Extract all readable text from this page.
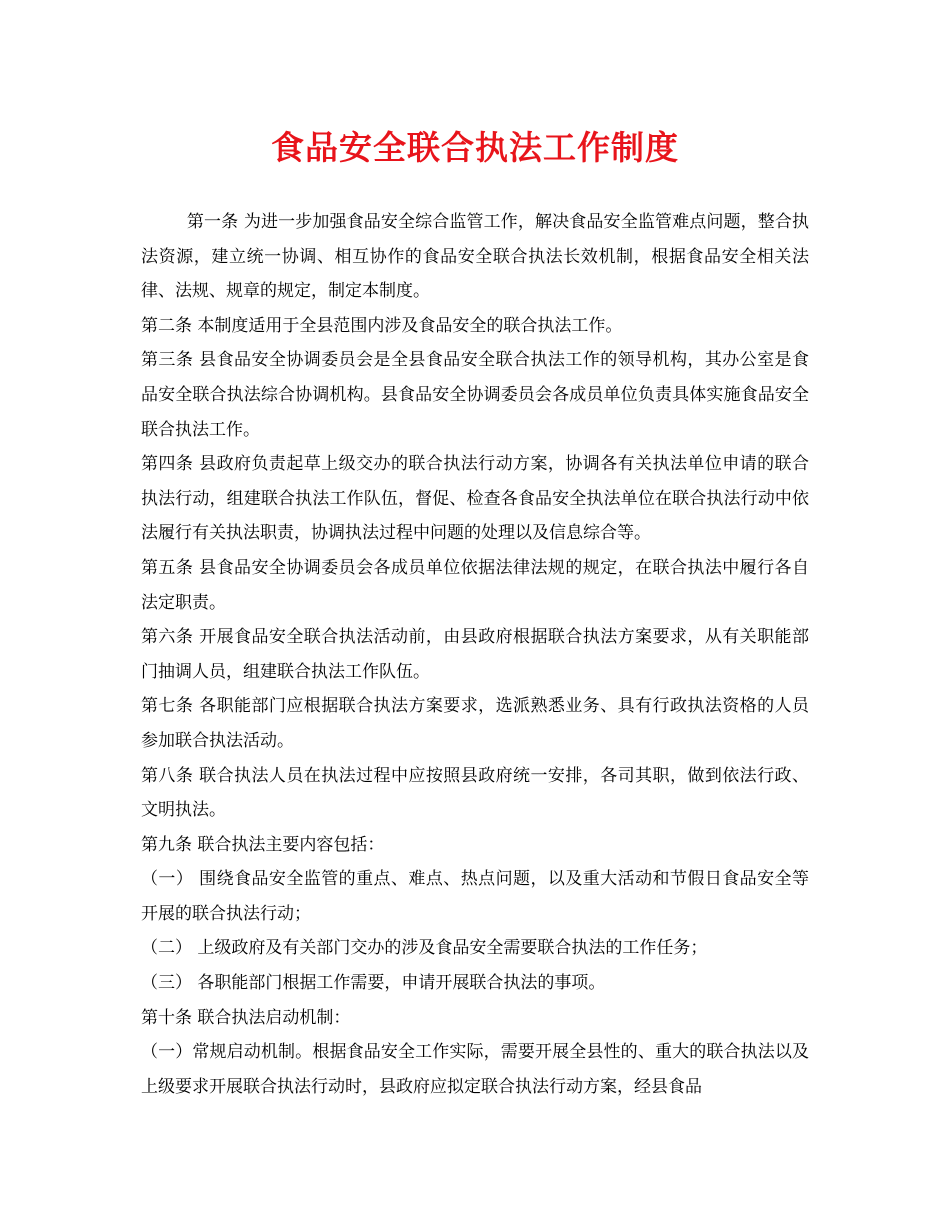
食品安全联合执法工作制度

第一条 为进一步加强食品安全综合监管工作，解决食品安全监管难点问题，整合执法资源，建立统一协调、相互协作的食品安全联合执法长效机制，根据食品安全相关法律、法规、规章的规定，制定本制度。

第二条 本制度适用于全县范围内涉及食品安全的联合执法工作。

第三条 县食品安全协调委员会是全县食品安全联合执法工作的领导机构，其办公室是食品安全联合执法综合协调机构。县食品安全协调委员会各成员单位负责具体实施食品安全联合执法工作。

第四条 县政府负责起草上级交办的联合执法行动方案，协调各有关执法单位申请的联合执法行动，组建联合执法工作队伍，督促、检查各食品安全执法单位在联合执法行动中依法履行有关执法职责，协调执法过程中问题的处理以及信息综合等。

第五条 县食品安全协调委员会各成员单位依据法律法规的规定，在联合执法中履行各自法定职责。

第六条 开展食品安全联合执法活动前，由县政府根据联合执法方案要求，从有关职能部门抽调人员，组建联合执法工作队伍。

第七条 各职能部门应根据联合执法方案要求，选派熟悉业务、具有行政执法资格的人员参加联合执法活动。

第八条 联合执法人员在执法过程中应按照县政府统一安排，各司其职，做到依法行政、文明执法。

第九条 联合执法主要内容包括：

（一） 围绕食品安全监管的重点、难点、热点问题，以及重大活动和节假日食品安全等开展的联合执法行动；

（二） 上级政府及有关部门交办的涉及食品安全需要联合执法的工作任务；

（三） 各职能部门根据工作需要，申请开展联合执法的事项。

第十条 联合执法启动机制：

（一）常规启动机制。根据食品安全工作实际，需要开展全县性的、重大的联合执法以及上级要求开展联合执法行动时，县政府应拟定联合执法行动方案，经县食品
